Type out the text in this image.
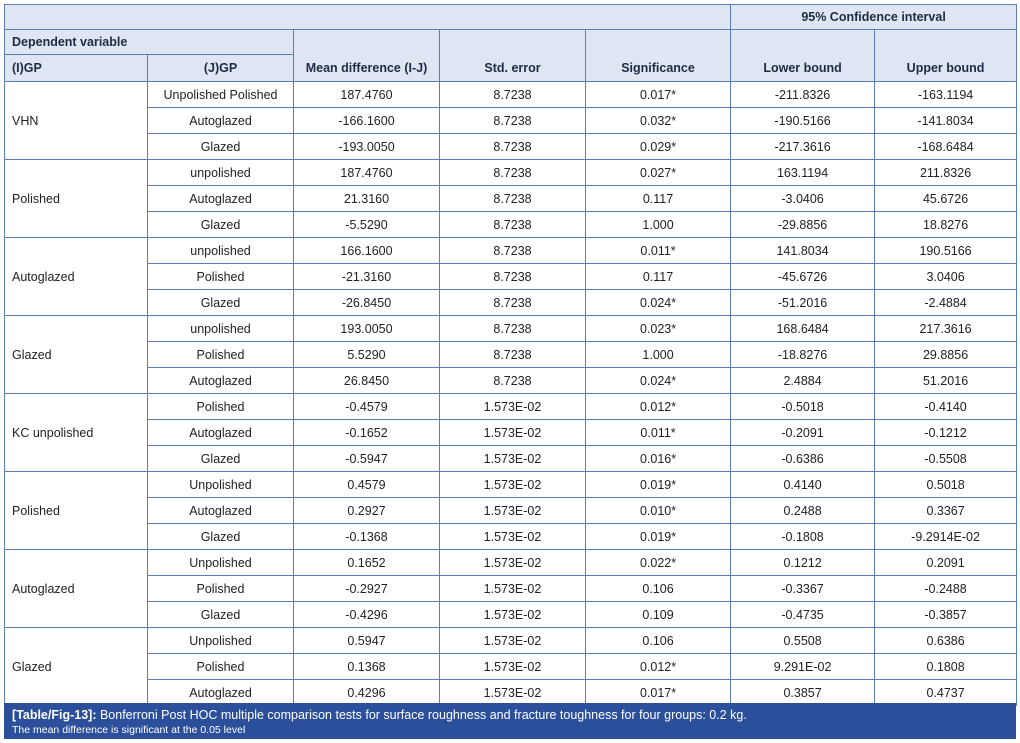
					95% Confidence interval	
Dependent variable		Mean difference (I-J)	Std. error	Significance	Lower bound	Upper bound
(I)GP	(J)GP					
VHN	Unpolished Polished	187.4760	8.7238	0.017*	-211.8326	-163.1194
	Autoglazed	-166.1600	8.7238	0.032*	-190.5166	-141.8034
	Glazed	-193.0050	8.7238	0.029*	-217.3616	-168.6484
Polished	unpolished	187.4760	8.7238	0.027*	163.1194	211.8326
	Autoglazed	21.3160	8.7238	0.117	-3.0406	45.6726
	Glazed	-5.5290	8.7238	1.000	-29.8856	18.8276
Autoglazed	unpolished	166.1600	8.7238	0.011*	141.8034	190.5166
	Polished	-21.3160	8.7238	0.117	-45.6726	3.0406
	Glazed	-26.8450	8.7238	0.024*	-51.2016	-2.4884
Glazed	unpolished	193.0050	8.7238	0.023*	168.6484	217.3616
	Polished	5.5290	8.7238	1.000	-18.8276	29.8856
	Autoglazed	26.8450	8.7238	0.024*	2.4884	51.2016
KC unpolished	Polished	-0.4579	1.573E-02	0.012*	-0.5018	-0.4140
	Autoglazed	-0.1652	1.573E-02	0.011*	-0.2091	-0.1212
	Glazed	-0.5947	1.573E-02	0.016*	-0.6386	-0.5508
Polished	Unpolished	0.4579	1.573E-02	0.019*	0.4140	0.5018
	Autoglazed	0.2927	1.573E-02	0.010*	0.2488	0.3367
	Glazed	-0.1368	1.573E-02	0.019*	-0.1808	-9.2914E-02
Autoglazed	Unpolished	0.1652	1.573E-02	0.022*	0.1212	0.2091
	Polished	-0.2927	1.573E-02	0.106	-0.3367	-0.2488
	Glazed	-0.4296	1.573E-02	0.109	-0.4735	-0.3857
Glazed	Unpolished	0.5947	1.573E-02	0.106	0.5508	0.6386
	Polished	0.1368	1.573E-02	0.012*	9.291E-02	0.1808
	Autoglazed	0.4296	1.573E-02	0.017*	0.3857	0.4737
[Table/Fig-13]: Bonferroni Post HOC multiple comparison tests for surface roughness and fracture toughness for four groups: 0.2 kg.
The mean difference is significant at the 0.05 level
